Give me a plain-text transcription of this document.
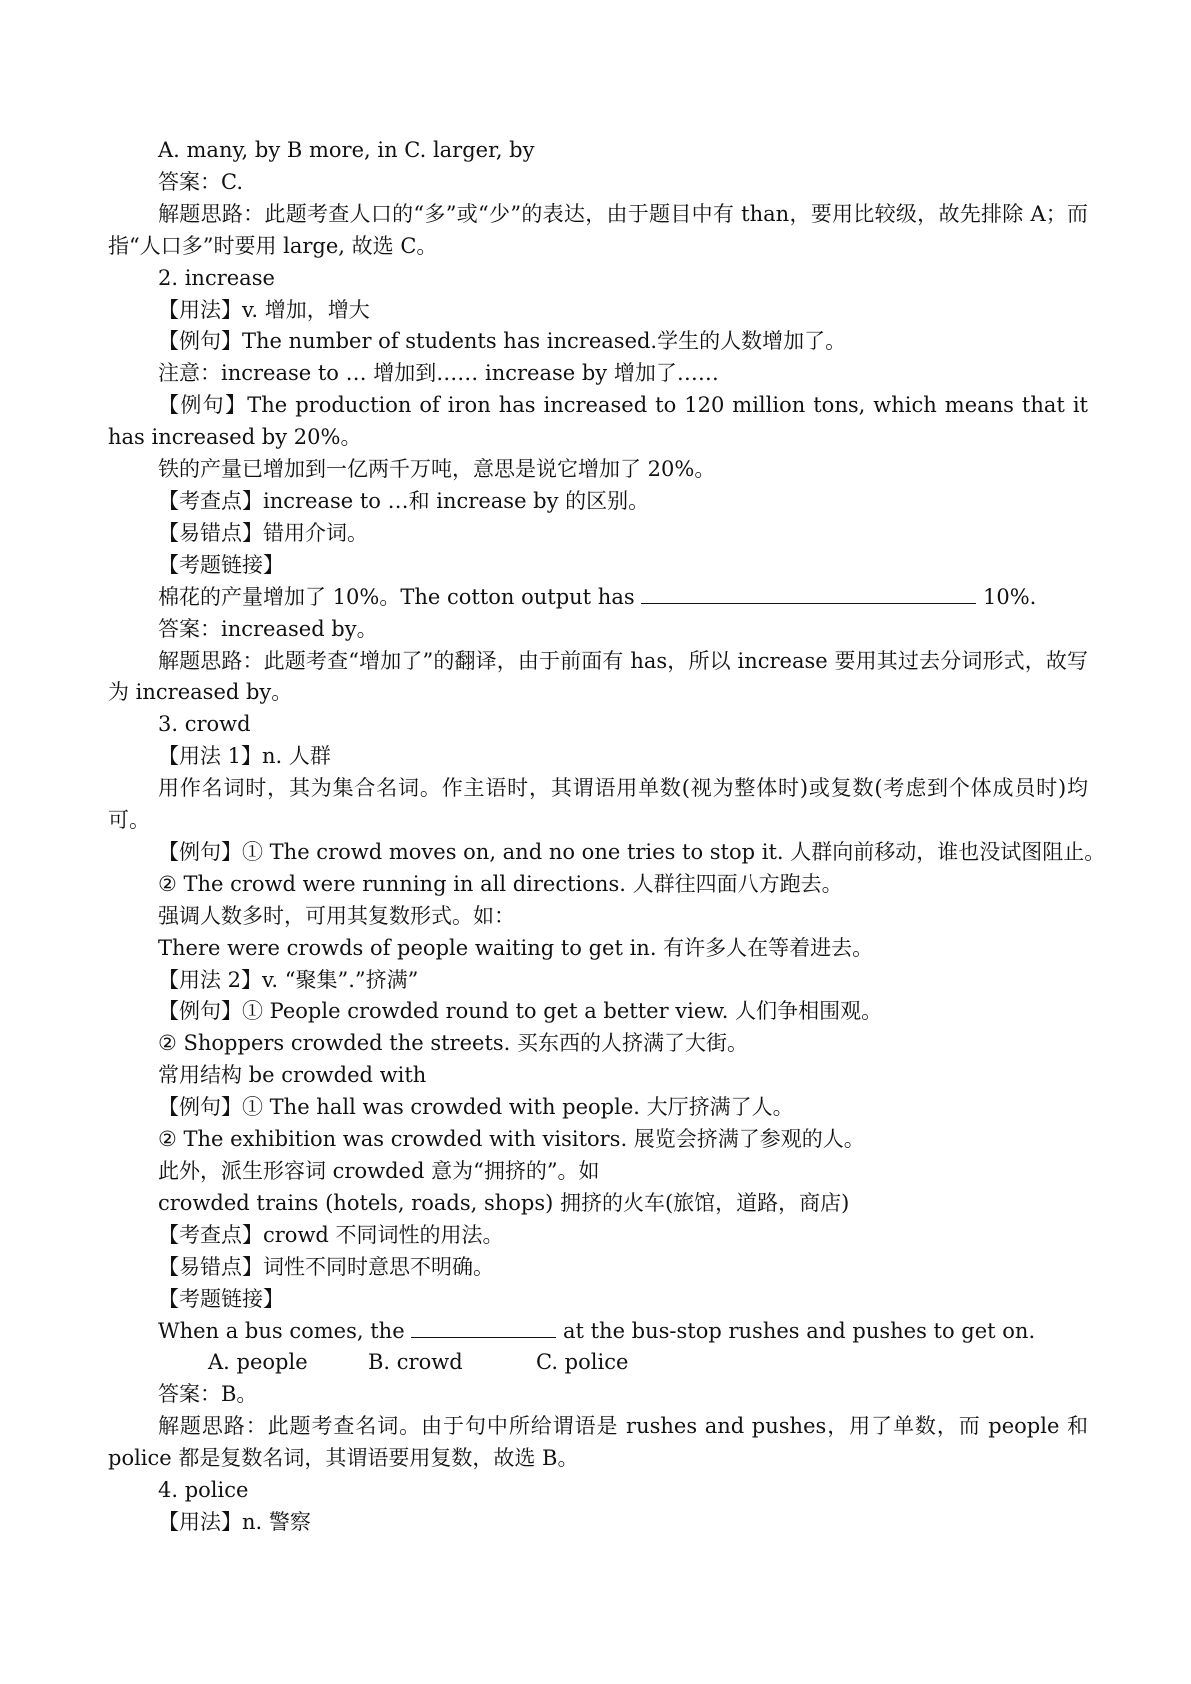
A. many, by B more, in C. larger, by
答案：C.
解题思路：此题考查人口的“多”或“少”的表达，由于题目中有 than，要用比较级，故先排除 A；而指“人口多”时要用 large, 故选 C。
2. increase
【用法】v. 增加，增大
【例句】The number of students has increased.学生的人数增加了。
注意：increase to … 增加到…… increase by 增加了……
【例句】The production of iron has increased to 120 million tons, which means that it has increased by 20%。
铁的产量已增加到一亿两千万吨，意思是说它增加了 20%。
【考查点】increase to …和 increase by 的区别。
【易错点】错用介词。
【考题链接】
棉花的产量增加了 10%。The cotton output has	10%.
答案：increased by。
解题思路：此题考查“增加了”的翻译，由于前面有 has，所以 increase 要用其过去分词形式，故写为 increased by。
3. crowd
【用法 1】n. 人群
用作名词时，其为集合名词。作主语时，其谓语用单数(视为整体时)或复数(考虑到个体成员时)均可。
【例句】① The crowd moves on, and no one tries to stop it. 人群向前移动，谁也没试图阻止。
② The crowd were running in all directions. 人群往四面八方跑去。
强调人数多时，可用其复数形式。如：
There were crowds of people waiting to get in. 有许多人在等着进去。
【用法 2】v. “聚集”.”挤满”
【例句】① People crowded round to get a better view. 人们争相围观。
② Shoppers crowded the streets. 买东西的人挤满了大街。
常用结构 be crowded with
【例句】① The hall was crowded with people. 大厅挤满了人。
② The exhibition was crowded with visitors. 展览会挤满了参观的人。
此外，派生形容词 crowded 意为“拥挤的”。如
crowded trains (hotels, roads, shops) 拥挤的火车(旅馆，道路，商店)
【考查点】crowd 不同词性的用法。
【易错点】词性不同时意思不明确。
【考题链接】
When a bus comes, the	at the bus-stop rushes and pushes to get on.
A. people	B. crowd	C. police
答案：B。
解题思路：此题考查名词。由于句中所给谓语是 rushes and pushes，用了单数，而 people 和 police 都是复数名词，其谓语要用复数，故选 B。
4. police
【用法】n. 警察
